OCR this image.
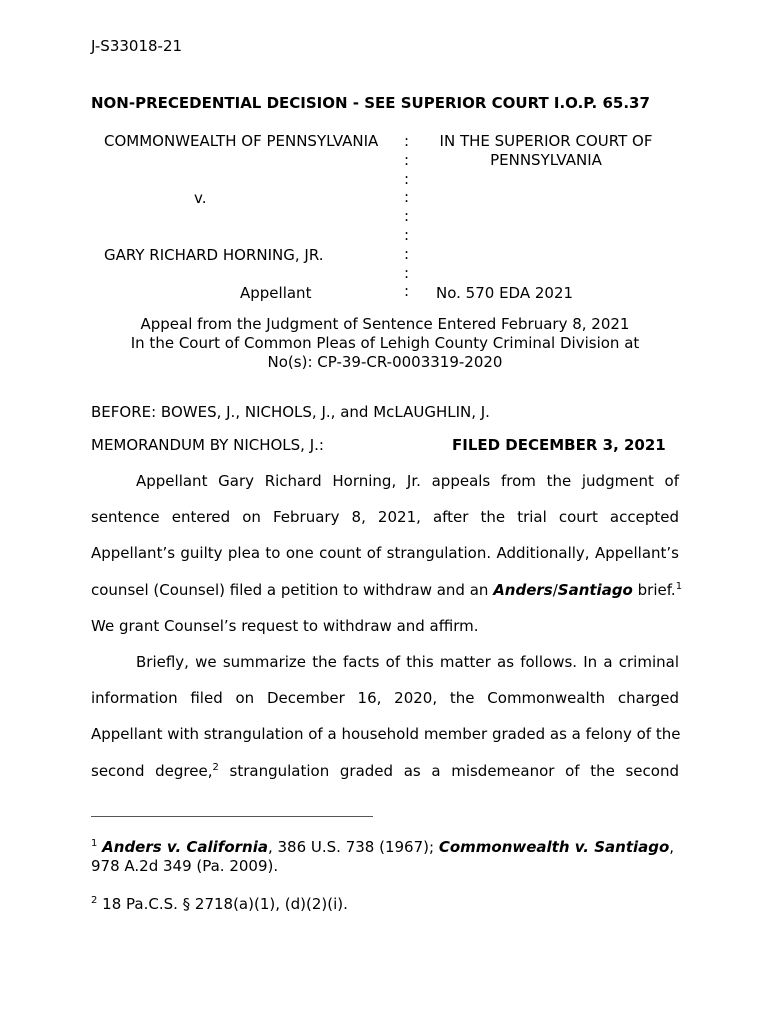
J-S33018-21
NON-PRECEDENTIAL DECISION - SEE SUPERIOR COURT I.O.P. 65.37
COMMONWEALTH OF PENNSYLVANIA
v.
GARY RICHARD HORNING, JR.
Appellant
:
:
:
:
:
:
:
:
:
IN THE SUPERIOR COURT OF
PENNSYLVANIA
No. 570 EDA 2021
Appeal from the Judgment of Sentence Entered February 8, 2021
In the Court of Common Pleas of Lehigh County Criminal Division at
No(s): CP-39-CR-0003319-2020
BEFORE: BOWES, J., NICHOLS, J., and McLAUGHLIN, J.
MEMORANDUM BY NICHOLS, J.:	FILED DECEMBER 3, 2021
Appellant Gary Richard Horning, Jr. appeals from the judgment of
sentence entered on February 8, 2021, after the trial court accepted
Appellant’s guilty plea to one count of strangulation. Additionally, Appellant’s
counsel (Counsel) filed a petition to withdraw and an Anders/Santiago brief.$^1$
We grant Counsel’s request to withdraw and affirm.
Briefly, we summarize the facts of this matter as follows. In a criminal
information filed on December 16, 2020, the Commonwealth charged
Appellant with strangulation of a household member graded as a felony of the
second degree,$^2$ strangulation graded as a misdemeanor of the second
$^1$ Anders v. California, 386 U.S. 738 (1967); Commonwealth v. Santiago,
978 A.2d 349 (Pa. 2009).
$^2$ 18 Pa.C.S. § 2718(a)(1), (d)(2)(i).
